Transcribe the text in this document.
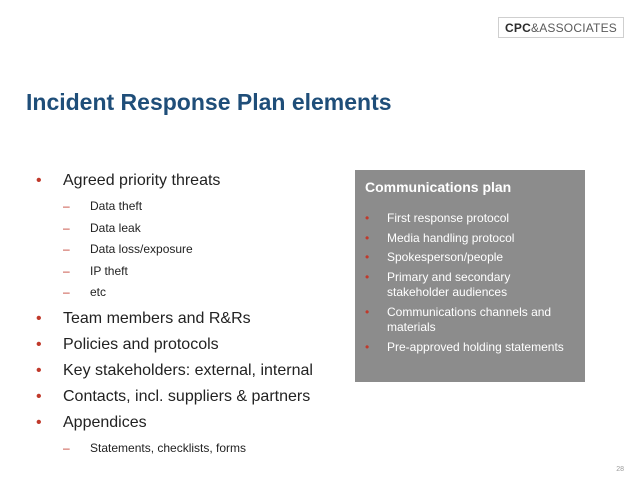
CPC &ASSOCIATES
Incident Response Plan elements
• Agreed priority threats
– Data theft
– Data leak
– Data loss/exposure
– IP theft
– etc
• Team members and R&Rs
• Policies and protocols
• Key stakeholders: external, internal
• Contacts, incl. suppliers & partners
• Appendices
– Statements, checklists, forms
Communications plan
• First response protocol
• Media handling protocol
• Spokesperson/people
• Primary and secondary stakeholder audiences
• Communications channels and materials
• Pre-approved holding statements
28
